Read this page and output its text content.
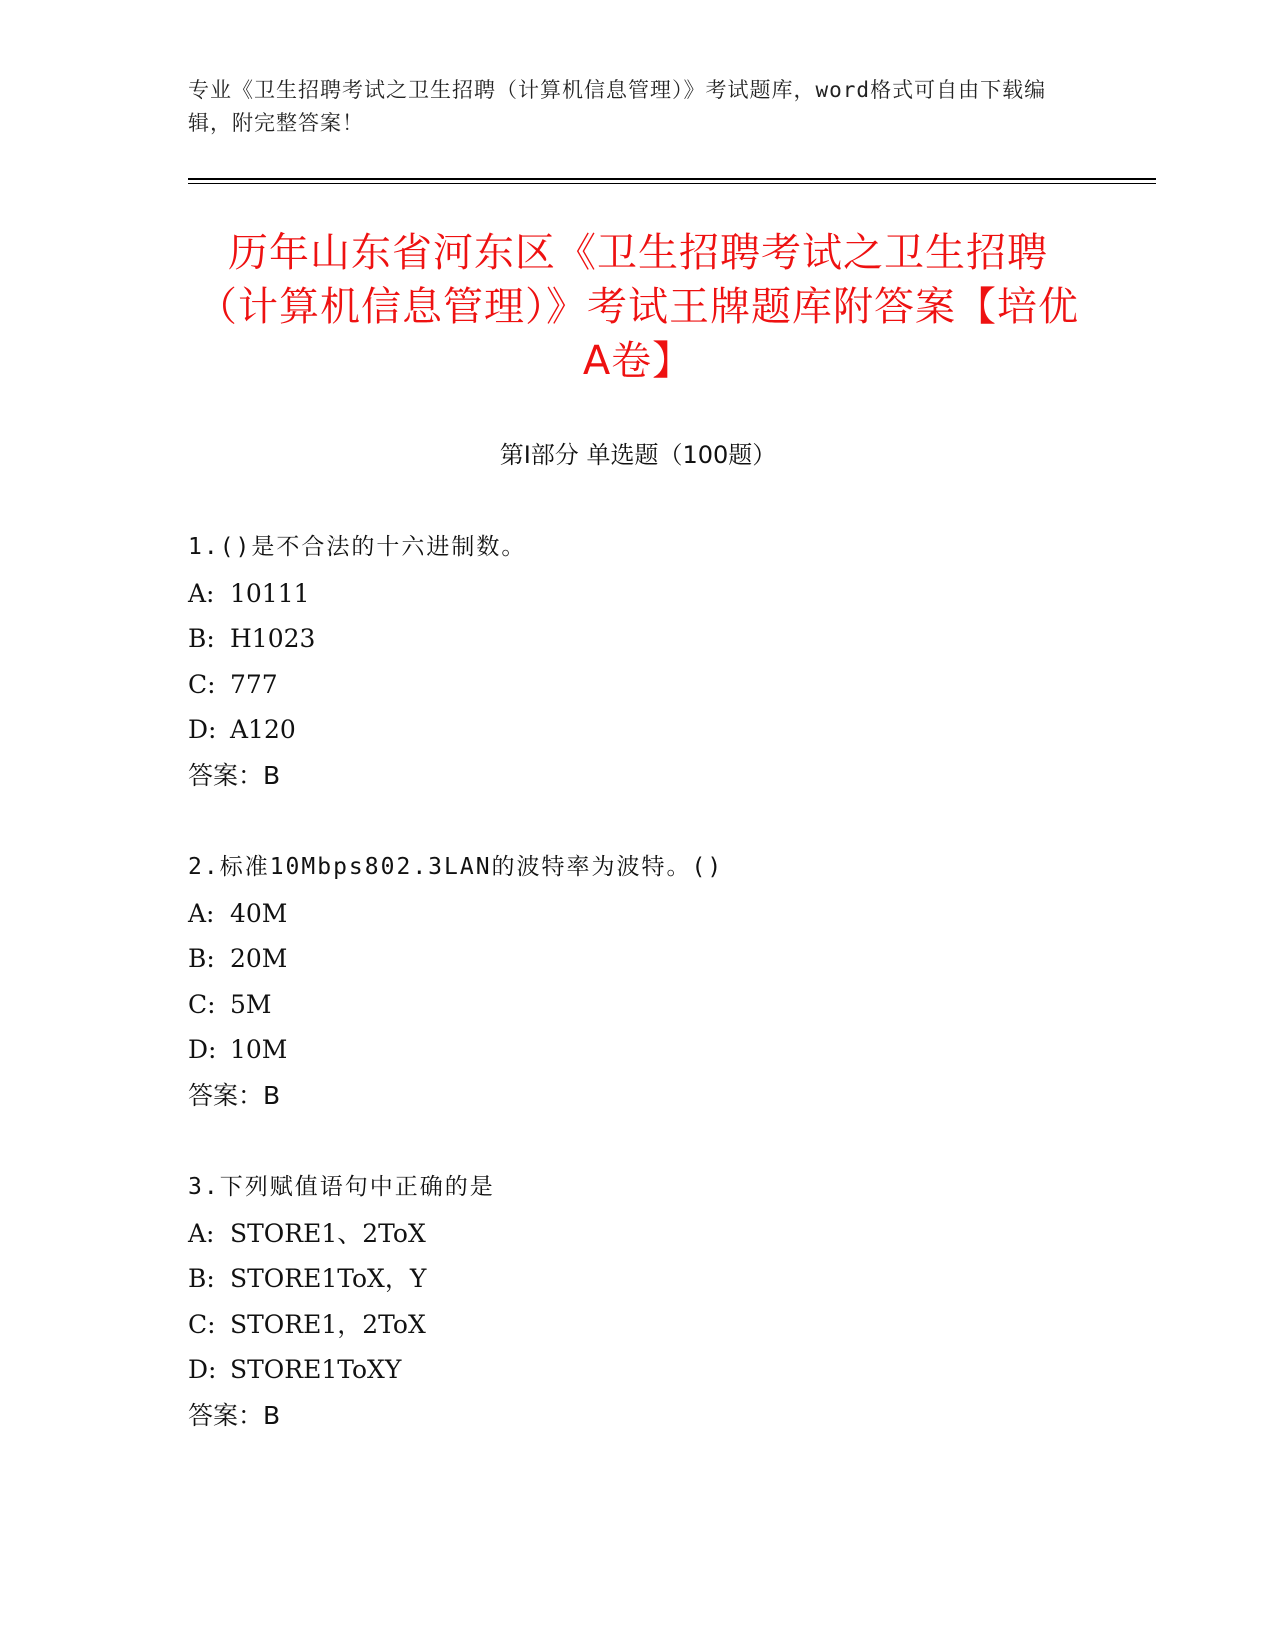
专业《卫生招聘考试之卫生招聘（计算机信息管理）》考试题库，word格式可自由下载编辑，附完整答案！
历年山东省河东区《卫生招聘考试之卫生招聘（计算机信息管理）》考试王牌题库附答案【培优A卷】
第Ⅰ部分 单选题（100题）
1.()是不合法的十六进制数。
A: 10111
B: H1023
C: 777
D: A120
答案：B
2.标准10Mbps802.3LAN的波特率为波特。()
A: 40M
B: 20M
C: 5M
D: 10M
答案：B
3.下列赋值语句中正确的是
A: STORE1、2ToX
B: STORE1ToX，Y
C: STORE1，2ToX
D: STORE1ToXY
答案：B
